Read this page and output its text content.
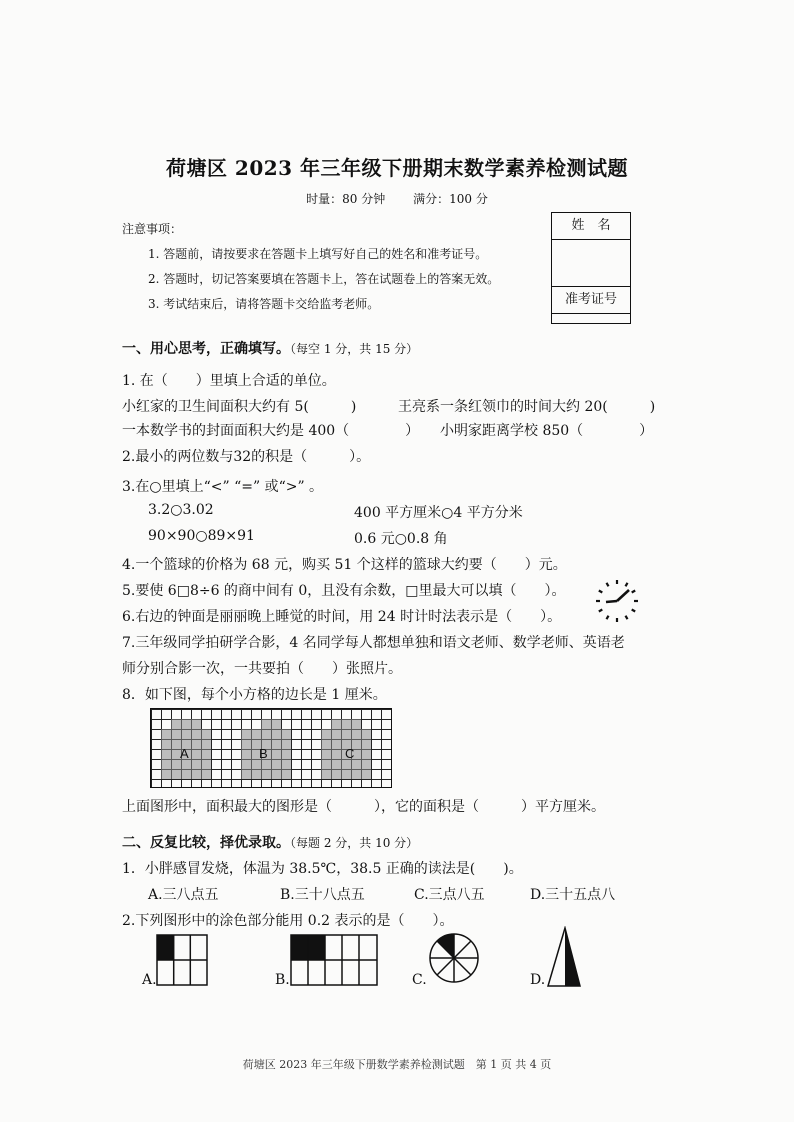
荷塘区 2023 年三年级下册期末数学素养检测试题
时量：80 分钟 满分：100 分
注意事项：
1. 答题前，请按要求在答题卡上填写好自己的姓名和准考证号。
2. 答题时，切记答案要填在答题卡上，答在试题卷上的答案无效。
3. 考试结束后，请将答题卡交给监考老师。
姓　名
准考证号
一、用心思考，正确填写。（每空 1 分，共 15 分）
1. 在（　　）里填上合适的单位。
小红家的卫生间面积大约有 5(　　　)	王亮系一条红领巾的时间大约 20(　　　)
一本数学书的封面面积大约是 400（　　　　） 小明家距离学校 850（　　　　）
2.最小的两位数与32的积是（　　　）。
3.在○里填上“<” “=” 或“>” 。
3.2○3.02	400 平方厘米○4 平方分米
90×90○89×91	0.6 元○0.8 角
4.一个篮球的价格为 68 元，购买 51 个这样的篮球大约要（　　）元。
5.要使 6□8÷6 的商中间有 0，且没有余数，□里最大可以填（　　）。
6.右边的钟面是丽丽晚上睡觉的时间，用 24 时计时法表示是（　　）。
7.三年级同学拍研学合影，4 名同学每人都想单独和语文老师、数学老师、英语老
师分别合影一次，一共要拍（　　）张照片。
8．如下图，每个小方格的边长是 1 厘米。
A	B	C
上面图形中，面积最大的图形是（　　　），它的面积是（　　　）平方厘米。
二、反复比较，择优录取。（每题 2 分，共 10 分）
1．小胖感冒发烧，体温为 38.5℃，38.5 正确的读法是(　　)。
A.三八点五	B.三十八点五	C.三点八五	D.三十五点八
2.下列图形中的涂色部分能用 0.2 表示的是（　　）。
A.	B.	C.	D.
荷塘区 2023 年三年级下册数学素养检测试题　第 1 页 共 4 页
